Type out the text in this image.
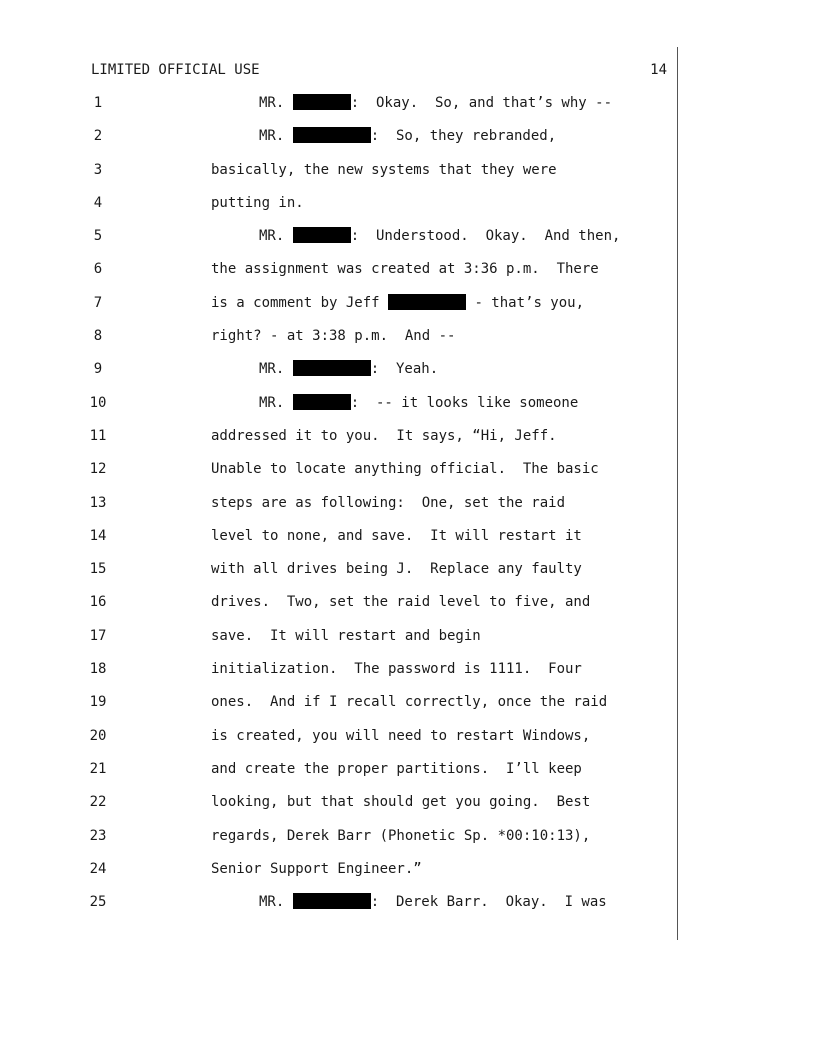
LIMITED OFFICIAL USE	14
1	MR.	:  Okay.  So, and that’s why --
2	MR.	:  So, they rebranded,
3	basically, the new systems that they were
4	putting in.
5	MR.	:  Understood.  Okay.  And then,
6	the assignment was created at 3:36 p.m.  There
7	is a comment by Jeff	- that’s you,
8	right? - at 3:38 p.m.  And --
9	MR.	:  Yeah.
10	MR.	:  -- it looks like someone
11	addressed it to you.  It says, “Hi, Jeff.
12	Unable to locate anything official.  The basic
13	steps are as following:  One, set the raid
14	level to none, and save.  It will restart it
15	with all drives being J.  Replace any faulty
16	drives.  Two, set the raid level to five, and
17	save.  It will restart and begin
18	initialization.  The password is 1111.  Four
19	ones.  And if I recall correctly, once the raid
20	is created, you will need to restart Windows,
21	and create the proper partitions.  I’ll keep
22	looking, but that should get you going.  Best
23	regards, Derek Barr (Phonetic Sp. *00:10:13),
24	Senior Support Engineer.”
25	MR.	:  Derek Barr.  Okay.  I was
